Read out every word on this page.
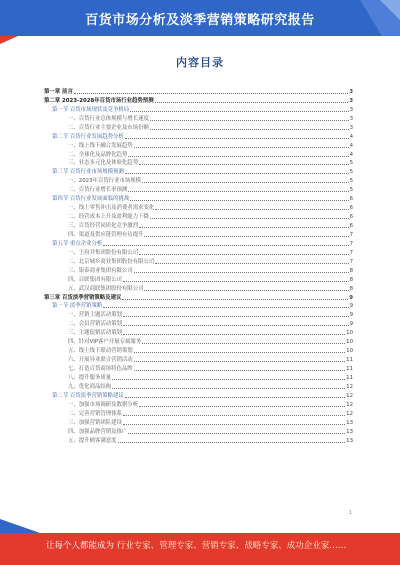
百货市场分析及淡季营销策略研究报告
内容目录
第一章 前言	3
第二章 2023-2028年百货市场行业趋势预测	3
第一节 百货市场现状及竞争格局	3
一、百货行业总体规模与增长速度	3
二、百货行业主要企业及市场份额	3
第二节 百货行业发展趋势分析	4
一、线上线下融合发展趋势	4
二、全球化及品牌化趋势	4
三、业态多元化及体验化趋势	5
第三节 百货行业市场规模预测	5
一、2023年百货行业市场规模	5
二、百货行业增长率预测	5
第四节 百货行业发展面临的挑战	6
一、线上零售冲击及消费者需求变化	6
二、经营成本上升及盈利能力下降	6
三、百货经营同质化竞争激烈	6
四、渠道及供应链管理有待提升	7
第五节 重点企业分析	7
一、王府井集团股份有限公司	7
二、北京城乡商业集团股份有限公司	7
三、银泰商业集团有限公司	8
四、百联集团有限公司	8
五、武汉商联集团股份有限公司	8
第三章 百货淡季营销策略及建议	9
第一节 淡季营销策略	9
一、营销主题活动策划	9
二、会员营销活动策划	9
三、主题促销活动策划	10
四、针对VIP客户开展专属服务	10
五、线上线下联动营销策划	10
六、开展异业联合营销活动	11
七、打造百货商场特色品牌	11
八、提升服务质量	11
九、优化商品结构	12
第二节 百货淡季营销策略建议	12
一、加强市场调研及数据分析	12
二、完善营销管理体系	12
三、加强营销团队建设	13
四、加强品牌营销及推广	13
五、提升顾客满意度	13
1
让每个人都能成为 行业专家、管理专家、营销专家、战略专家、成功企业家……
